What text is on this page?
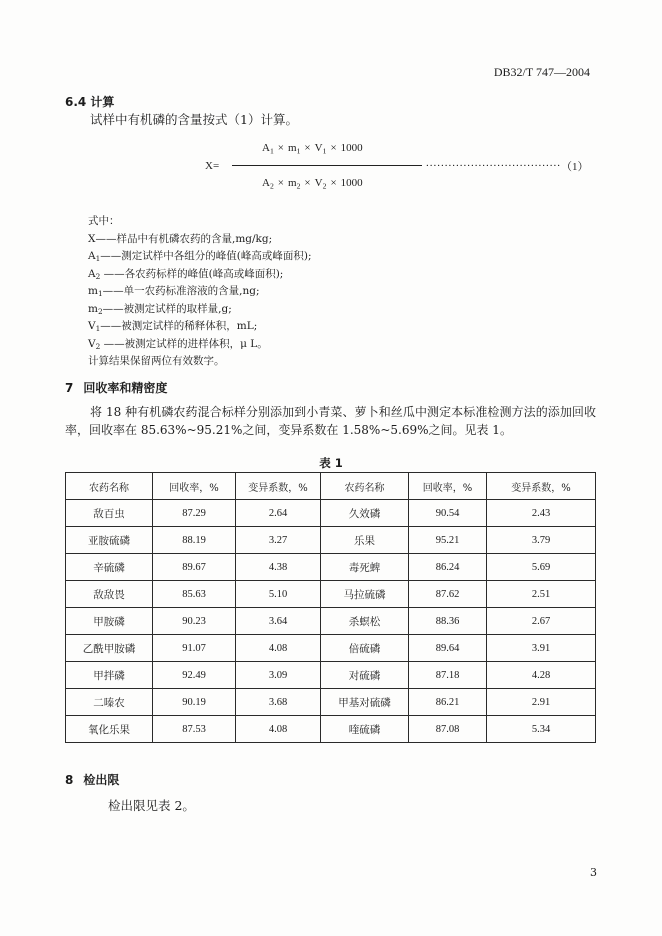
DB32/T 747—2004
6.4 计算
试样中有机磷的含量按式（1）计算。
X=
$A_1 \times m_1 \times V_1 \times 1000$
$A_2 \times m_2 \times V_2 \times 1000$
.................................... （1）
式中：
X——样品中有机磷农药的含量,mg/kg;
$A_1——$测定试样中各组分的峰值(峰高或峰面积);
$A_2$ ——各农药标样的峰值(峰高或峰面积);
$m_1——$单一农药标准溶液的含量,ng;
$m_2——$被测定试样的取样量,g;
$V_1——$被测定试样的稀释体积，mL;
$V_2$ ——被测定试样的进样体积，μ L。
计算结果保留两位有效数字。
7 回收率和精密度
将 18 种有机磷农药混合标样分别添加到小青菜、萝卜和丝瓜中测定本标准检测方法的添加回收
率，回收率在 85.63%~95.21%之间，变异系数在 1.58%~5.69%之间。见表 1。
表 1
农药名称	回收率，%	变异系数，%	农药名称	回收率，%	变异系数，%
敌百虫	87.29	2.64	久效磷	90.54	2.43
亚胺硫磷	88.19	3.27	乐果	95.21	3.79
辛硫磷	89.67	4.38	毒死蜱	86.24	5.69
敌敌畏	85.63	5.10	马拉硫磷	87.62	2.51
甲胺磷	90.23	3.64	杀螟松	88.36	2.67
乙酰甲胺磷	91.07	4.08	倍硫磷	89.64	3.91
甲拌磷	92.49	3.09	对硫磷	87.18	4.28
二嗪农	90.19	3.68	甲基对硫磷	86.21	2.91
氧化乐果	87.53	4.08	喹硫磷	87.08	5.34
8 检出限
检出限见表 2。
3
